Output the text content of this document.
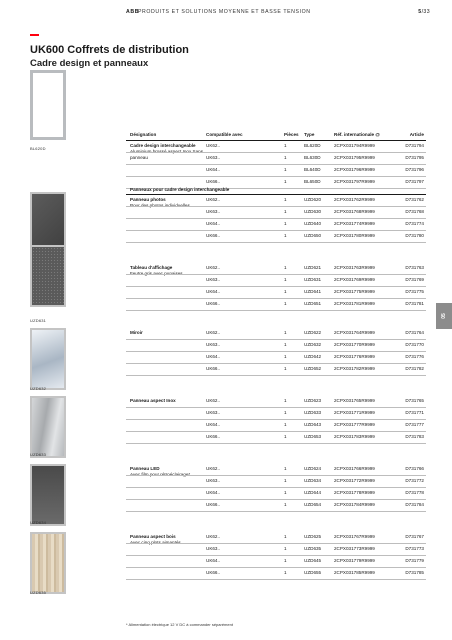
ABB
PRODUITS ET SOLUTIONS MOYENNE ET BASSE TENSION	5/33
UK600 Coffrets de distribution
Cadre design et panneaux
Désignation	Compatible avec	Pièces Type	Réf. internationale @	Article
BL620D
Cadre design interchangeable
Aluminium brossé aspect Inox Sans panneau
UK62..	1	BL620D	2CPX031794R9999	D731794
UK63..	1	BL630D	2CPX031795R9999	D731795
UK64..	1	BL640D	2CPX031796R9999	D731796
UK66..	1	BL650D	2CPX031797R9999	D731797
Panneaux pour cadre design interchangeable
Panneau photos
Pour des photos individuelles
UK62..	1	UZD620	2CPX031762R9999	D731762
UK63..	1	UZD630	2CPX031768R9999	D731768
UK64..	1	UZD640	2CPX031774R9999	D731774
UK66..	1	UZD650	2CPX031780R9999	D731780
UZD631
Tableau d'affichage
Feutre gris avec punaises
UK62..	1	UZD621	2CPX031763R9999	D731763
UK63..	1	UZD631	2CPX031769R9999	D731769
UK64..	1	UZD641	2CPX031775R9999	D731775
UK66..	1	UZD651	2CPX031781R9999	D731781
UZD632
Miroir	UK62..	1	UZD622	2CPX031764R9999	D731764
UK63..	1	UZD632	2CPX031770R9999	D731770
UK64..	1	UZD642	2CPX031776R9999	D731776
UK66..	1	UZD652	2CPX031782R9999	D731782
UZD633
Panneau aspect Inox	UK62..	1	UZD623	2CPX031765R9999	D731765
UK63..	1	UZD633	2CPX031771R9999	D731771
UK64..	1	UZD643	2CPX031777R9999	D731777
UK66..	1	UZD653	2CPX031783R9999	D731783
UZD634
Panneau LED
Avec film pour rétroéclairage*
UK62..	1	UZD624	2CPX031766R9999	D731766
UK63..	1	UZD634	2CPX031772R9999	D731772
UK64..	1	UZD644	2CPX031778R9999	D731778
UK66..	1	UZD654	2CPX031784R9999	D731784
UZD635
Panneau aspect bois
Avec cinq plots aimantés
UK62..	1	UZD625	2CPX031767R9999	D731767
UK63..	1	UZD635	2CPX031773R9999	D731773
UK64..	1	UZD645	2CPX031779R9999	D731779
UK66..	1	UZD655	2CPX031785R9999	D731785
05
* Alimentation électrique 12 V DC à commander séparément
